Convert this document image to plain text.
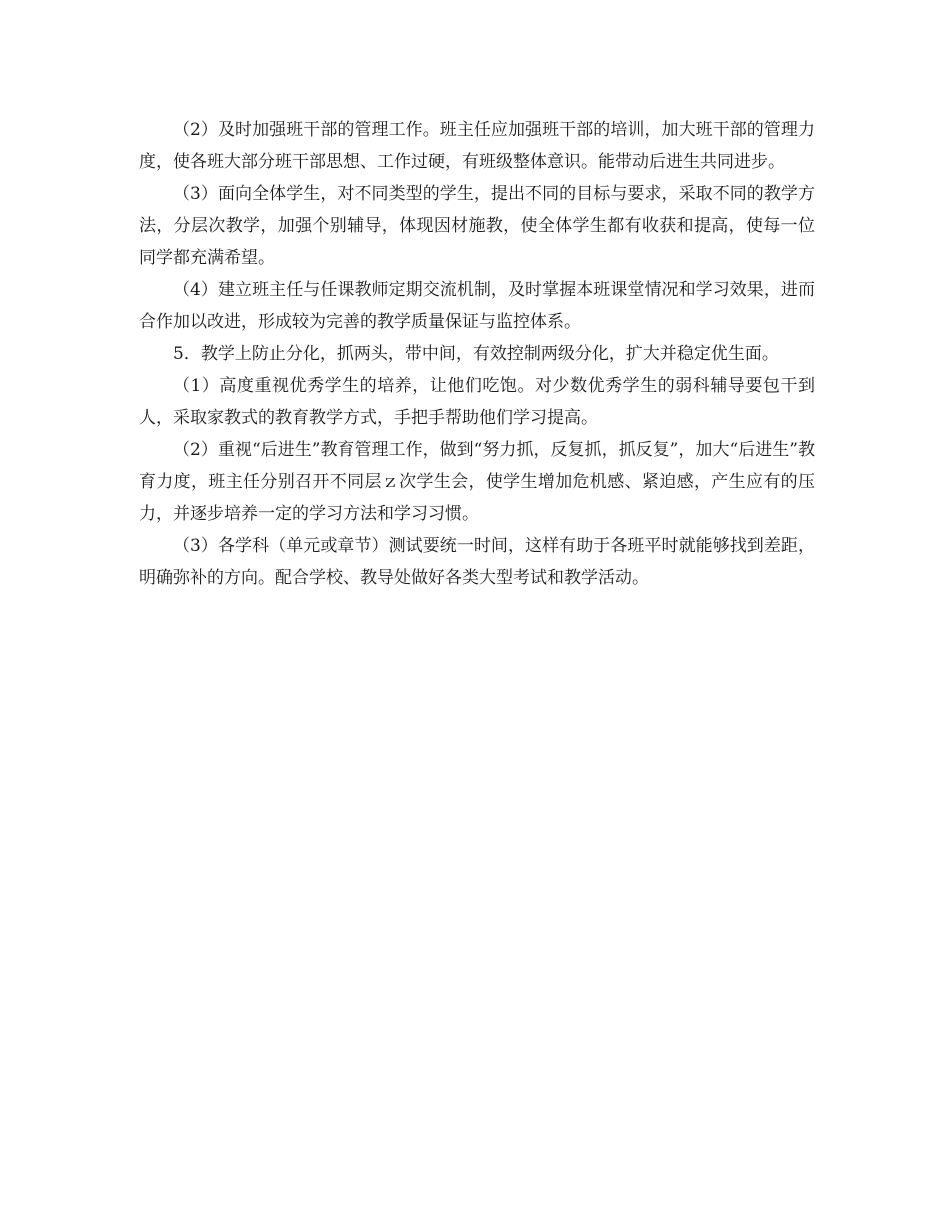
（2）及时加强班干部的管理工作。班主任应加强班干部的培训，加大班干部的管理力度，使各班大部分班干部思想、工作过硬，有班级整体意识。能带动后进生共同进步。

（3）面向全体学生，对不同类型的学生，提出不同的目标与要求，采取不同的教学方法，分层次教学，加强个别辅导，体现因材施教，使全体学生都有收获和提高，使每一位同学都充满希望。

（4）建立班主任与任课教师定期交流机制，及时掌握本班课堂情况和学习效果，进而合作加以改进，形成较为完善的教学质量保证与监控体系。

5．教学上防止分化，抓两头，带中间，有效控制两级分化，扩大并稳定优生面。

（1）高度重视优秀学生的培养，让他们吃饱。对少数优秀学生的弱科辅导要包干到人，采取家教式的教育教学方式，手把手帮助他们学习提高。

（2）重视“后进生”教育管理工作，做到“努力抓，反复抓，抓反复”，加大“后进生”教育力度，班主任分别召开不同层ｚ次学生会，使学生增加危机感、紧迫感，产生应有的压力，并逐步培养一定的学习方法和学习习惯。

（3）各学科（单元或章节）测试要统一时间，这样有助于各班平时就能够找到差距，明确弥补的方向。配合学校、教导处做好各类大型考试和教学活动。
